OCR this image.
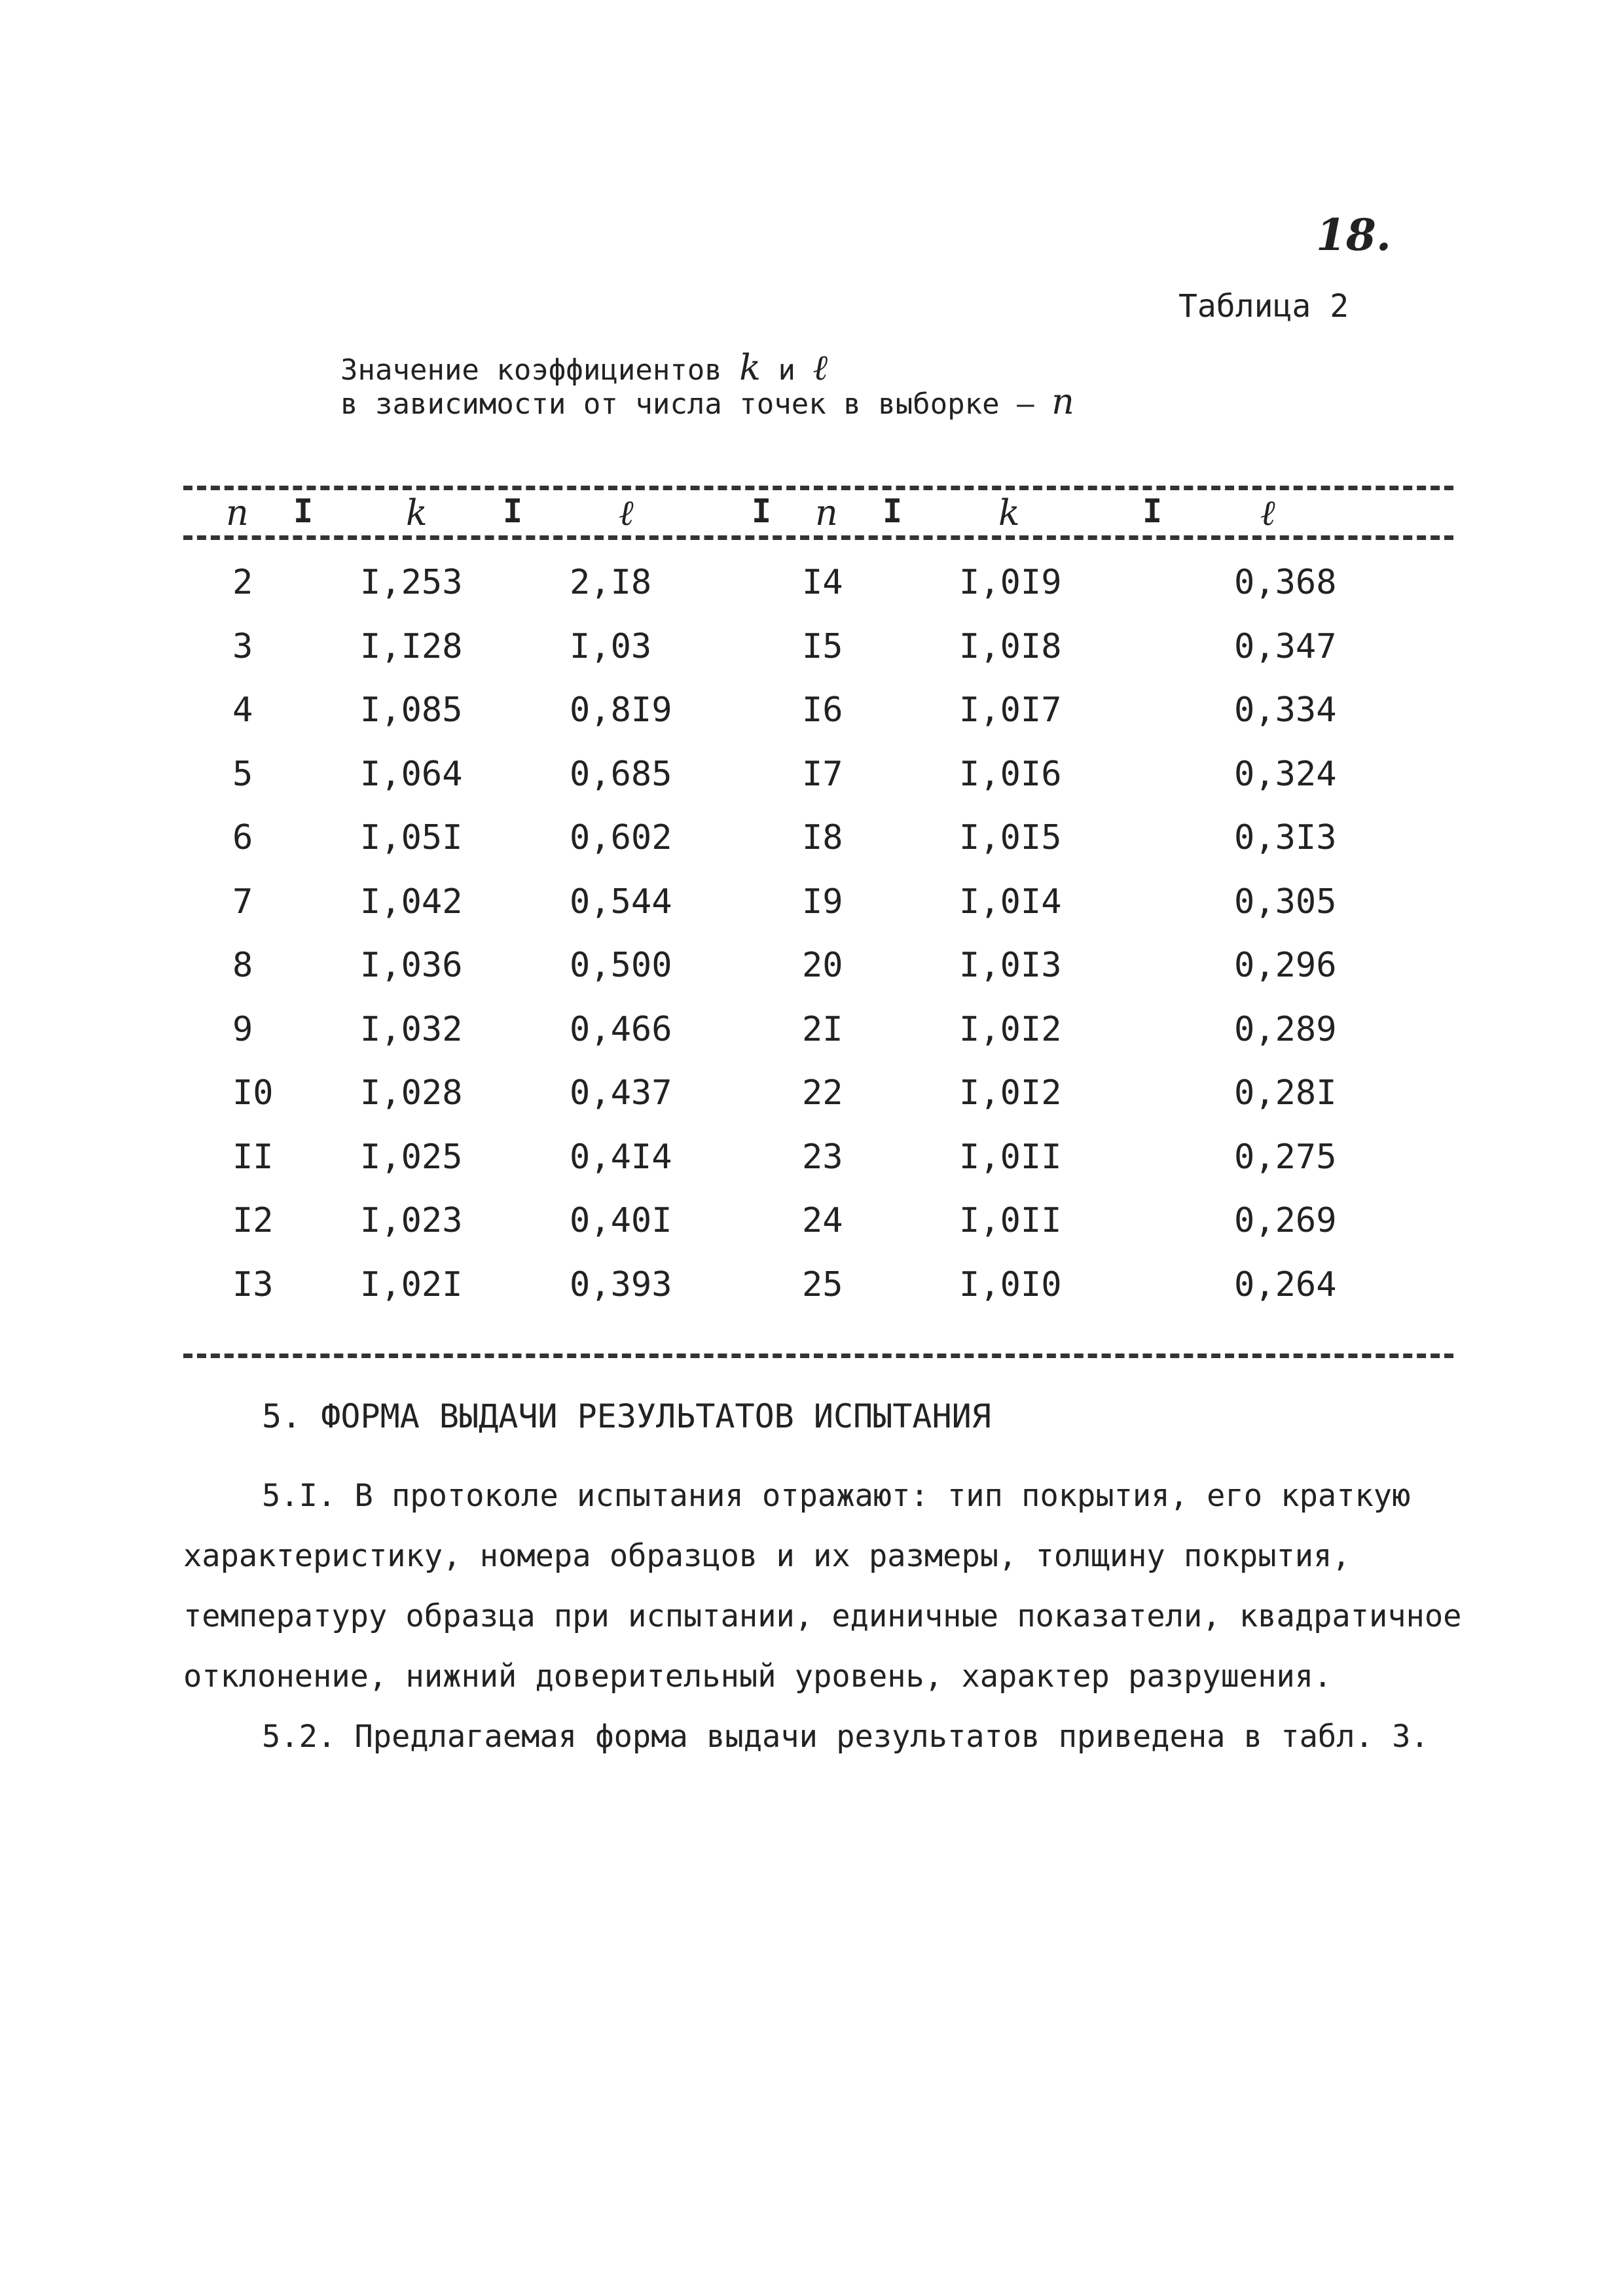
18.
Таблица 2
Значение коэффициентов k и ℓ
в зависимости от числа точек в выборке – n
n I	k I	ℓ	I n I	k	I	ℓ
2	I,253	2,I8	I4	I,0I9	0,368
3	I,I28	I,03	I5	I,0I8	0,347
4	I,085	0,8I9	I6	I,0I7	0,334
5	I,064	0,685	I7	I,0I6	0,324
6	I,05I	0,602	I8	I,0I5	0,3I3
7	I,042	0,544	I9	I,0I4	0,305
8	I,036	0,500	20	I,0I3	0,296
9	I,032	0,466	2I	I,0I2	0,289
I0	I,028	0,437	22	I,0I2	0,28I
II	I,025	0,4I4	23	I,0II	0,275
I2	I,023	0,40I	24	I,0II	0,269
I3	I,02I	0,393	25	I,0I0	0,264
5. ФОРМА ВЫДАЧИ РЕЗУЛЬТАТОВ ИСПЫТАНИЯ
5.I. В протоколе испытания отражают: тип покрытия, его краткую характеристику, номера образцов и их размеры, толщину покрытия, температуру образца при испытании, единичные показатели, квадратичное отклонение, нижний доверительный уровень, характер разрушения.
5.2. Предлагаемая форма выдачи результатов приведена в табл. 3.
